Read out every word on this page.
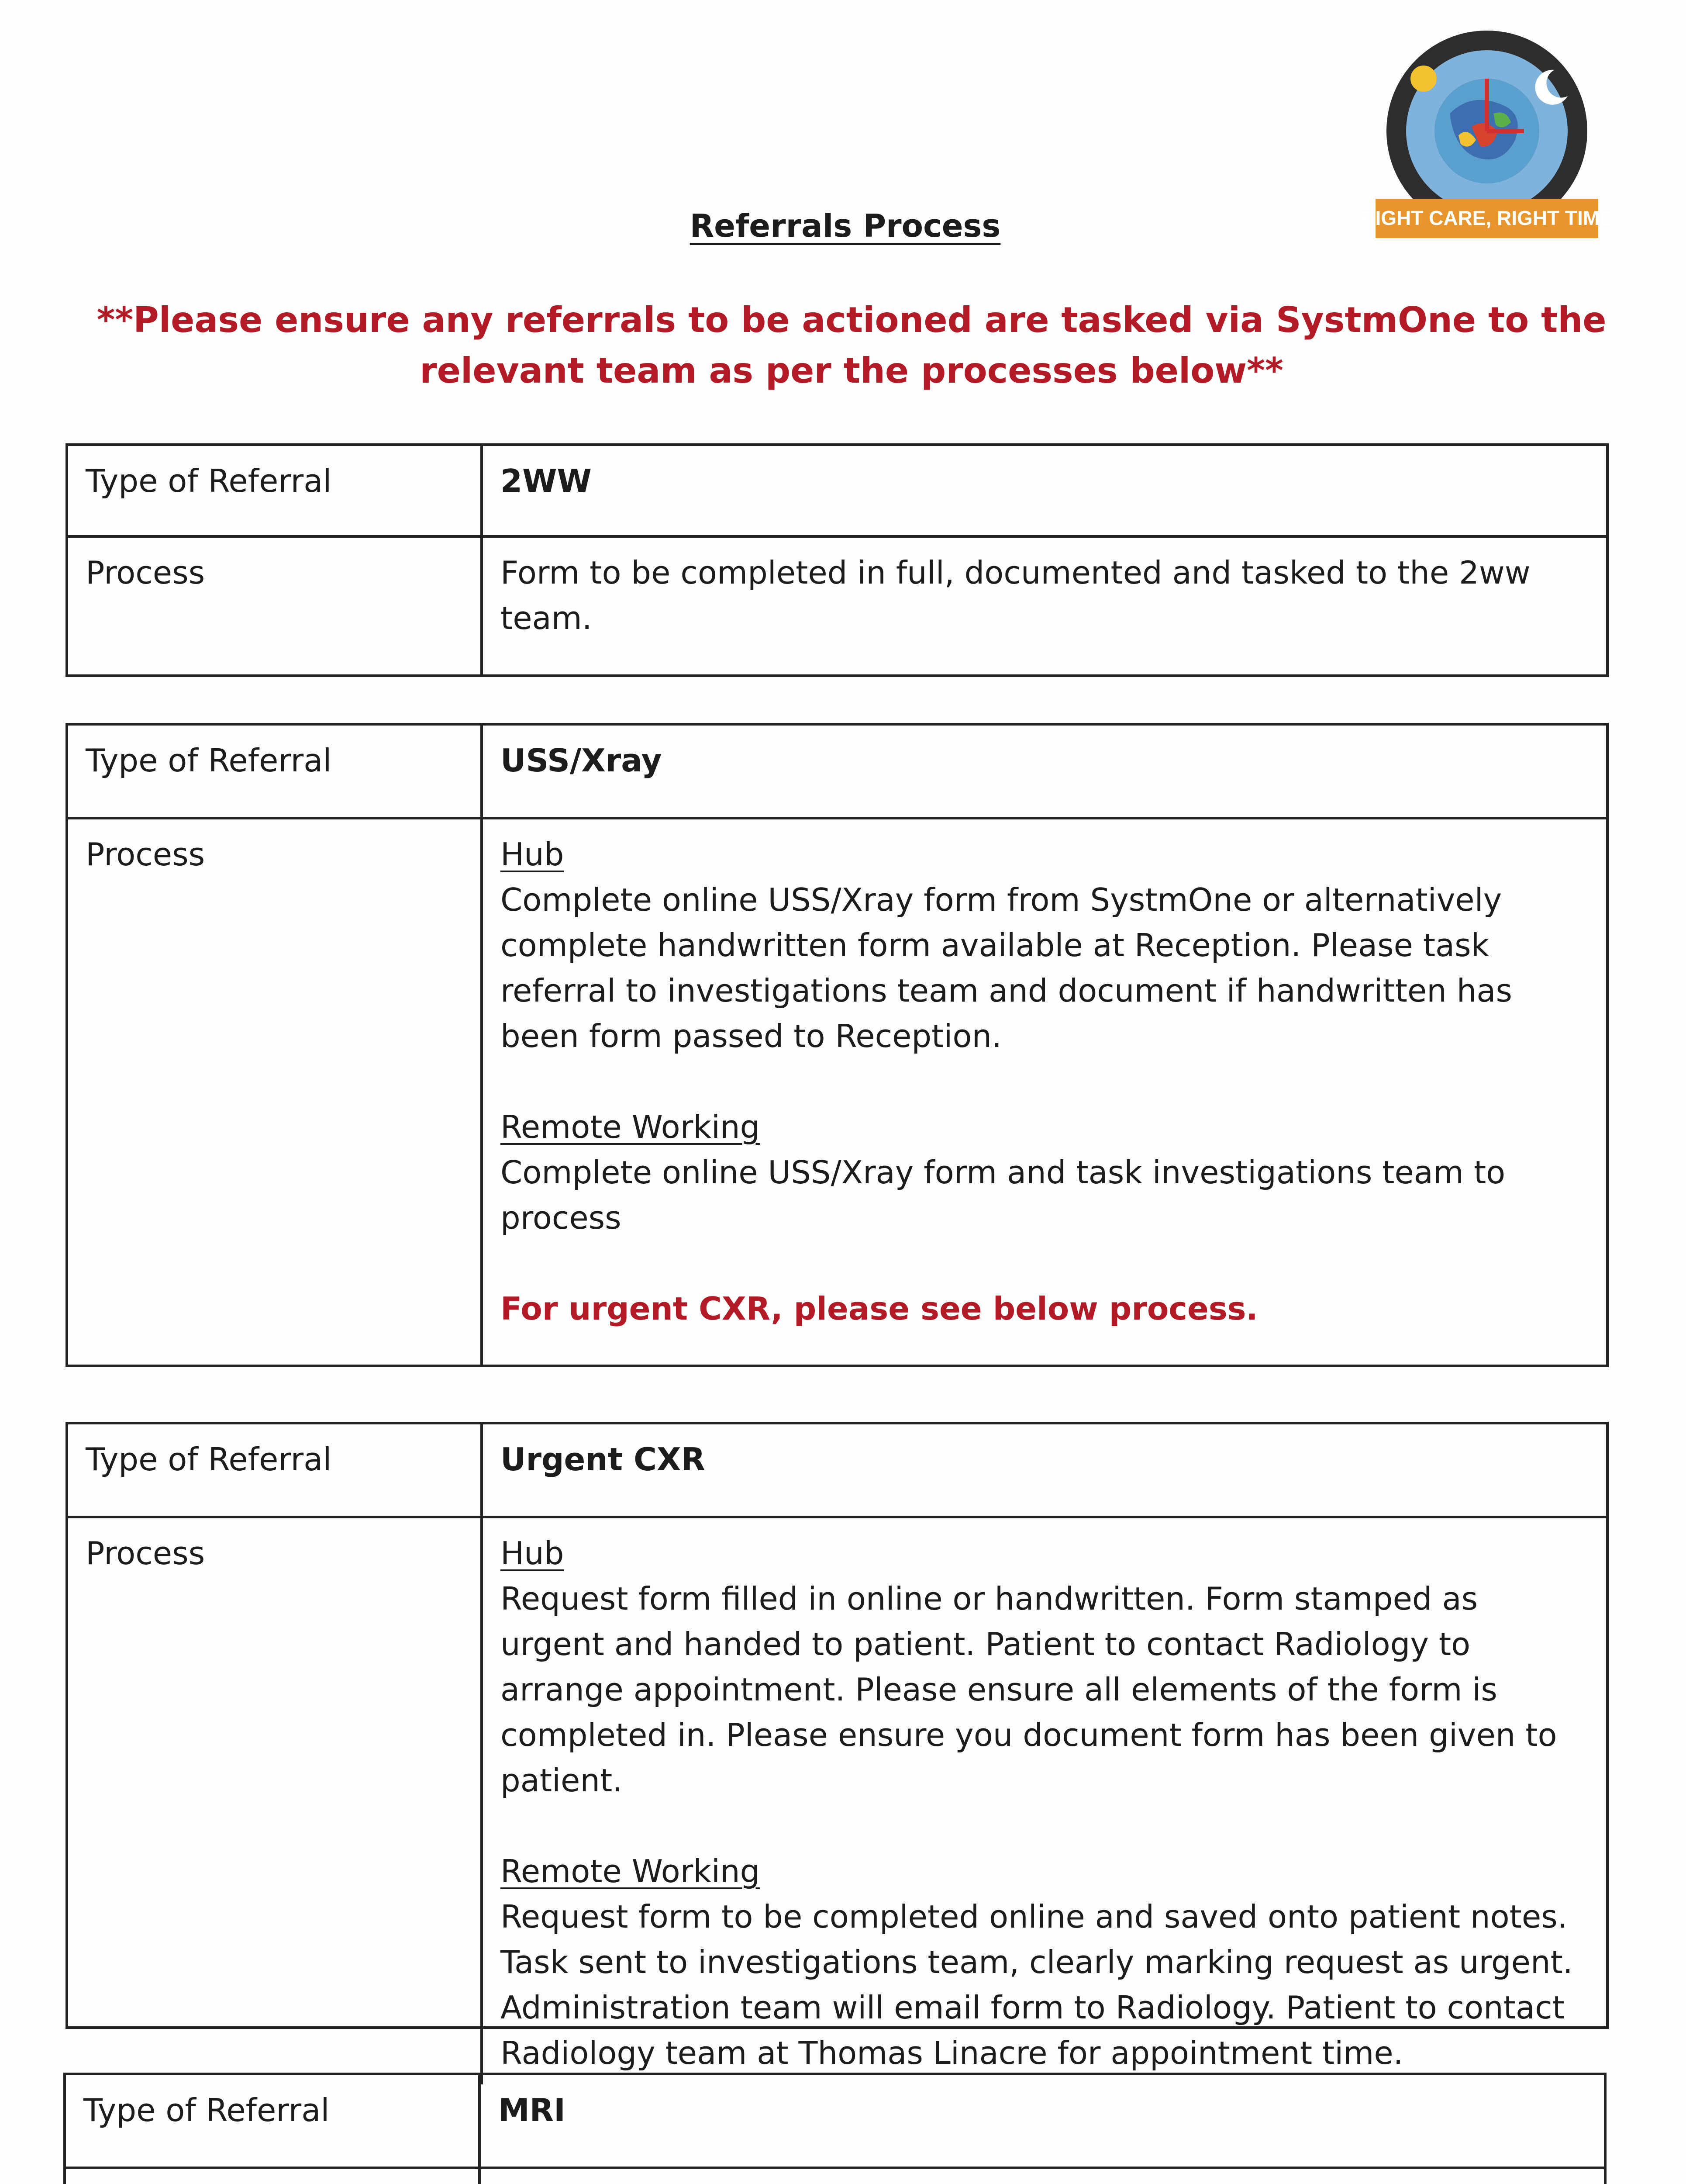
RIGHT CARE, RIGHT TIME
Referrals Process
**Please ensure any referrals to be actioned are tasked via SystmOne to the relevant team as per the processes below**
Type of Referral	2WW
Process	Form to be completed in full, documented and tasked to the 2ww team.
Type of Referral	USS/Xray
Process	Hub

Complete online USS/Xray form from SystmOne or alternatively complete handwritten form available at Reception. Please task referral to investigations team and document if handwritten has been form passed to Reception.

Remote Working

Complete online USS/Xray form and task investigations team to process

For urgent CXR, please see below process.

Type of Referral	Urgent CXR
Process	Hub

Request form filled in online or handwritten. Form stamped as urgent and handed to patient. Patient to contact Radiology to arrange appointment. Please ensure all elements of the form is completed in. Please ensure you document form has been given to patient.

Remote Working

Request form to be completed online and saved onto patient notes. Task sent to investigations team, clearly marking request as urgent. Administration team will email form to Radiology. Patient to contact Radiology team at Thomas Linacre for appointment time.

Type of Referral	MRI
